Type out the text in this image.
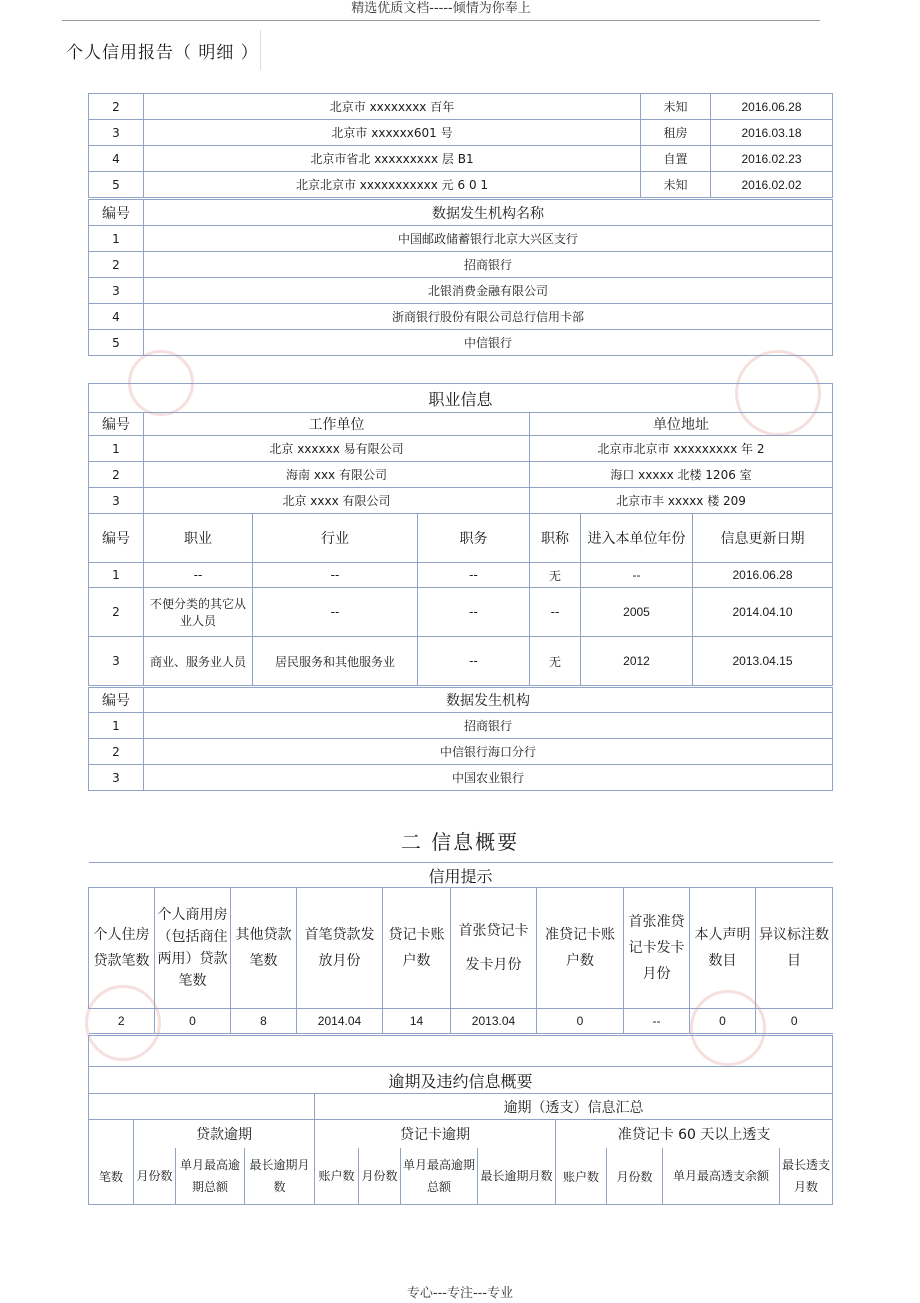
精选优质文档-----倾情为你奉上
个人信用报告（ 明细 ）
2	北京市 xxxxxxxx 百年	未知	2016.06.28
3	北京市 xxxxxx601 号	租房	2016.03.18
4	北京市省北 xxxxxxxxx 层 B1	自置	2016.02.23
5	北京北京市 xxxxxxxxxxx 元 6 0 1	未知	2016.02.02
编号	数据发生机构名称
1	中国邮政储蓄银行北京大兴区支行
2	招商银行
3	北银消费金融有限公司
4	浙商银行股份有限公司总行信用卡部
5	中信银行
职业信息		
编号	工作单位	单位地址
1	北京 xxxxxx 易有限公司	北京市北京市 xxxxxxxxx 年 2
2	海南 xxx 有限公司	海口 xxxxx 北楼 1206 室
3	北京 xxxx 有限公司	北京市丰 xxxxx 楼 209
编号	职业	行业	职务	职称	进入本单位年份	信息更新日期
1	--	--	--	无	--	2016.06.28
2	不便分类的其它从业人员	--	--	--	2005	2014.04.10
3	商业、服务业人员	居民服务和其他服务业	--	无	2012	2013.04.15
编号	数据发生机构
1	招商银行
2	中信银行海口分行
3	中国农业银行
二 信息概要
信用提示									
个人住房贷款笔数	个人商用房（包括商住两用）贷款笔数	其他贷款笔数	首笔贷款发放月份	贷记卡账户数	首张贷记卡 发卡月份	准贷记卡账户数	首张准贷记卡发卡月份	本人声明数目	异议标注数目
2	0	8	2014.04	14	2013.04	0	--	0	0

逾期及违约信息概要											
				逾期（透支）信息汇总							
	贷款逾期			贷记卡逾期				准贷记卡 60 天以上透支			
笔数	月份数	单月最高逾期总额	最长逾期月数	账户数	月份数	单月最高逾期总额	最长逾期月数	账户数	月份数	单月最高透支余额	最长透支月数
专心---专注---专业
